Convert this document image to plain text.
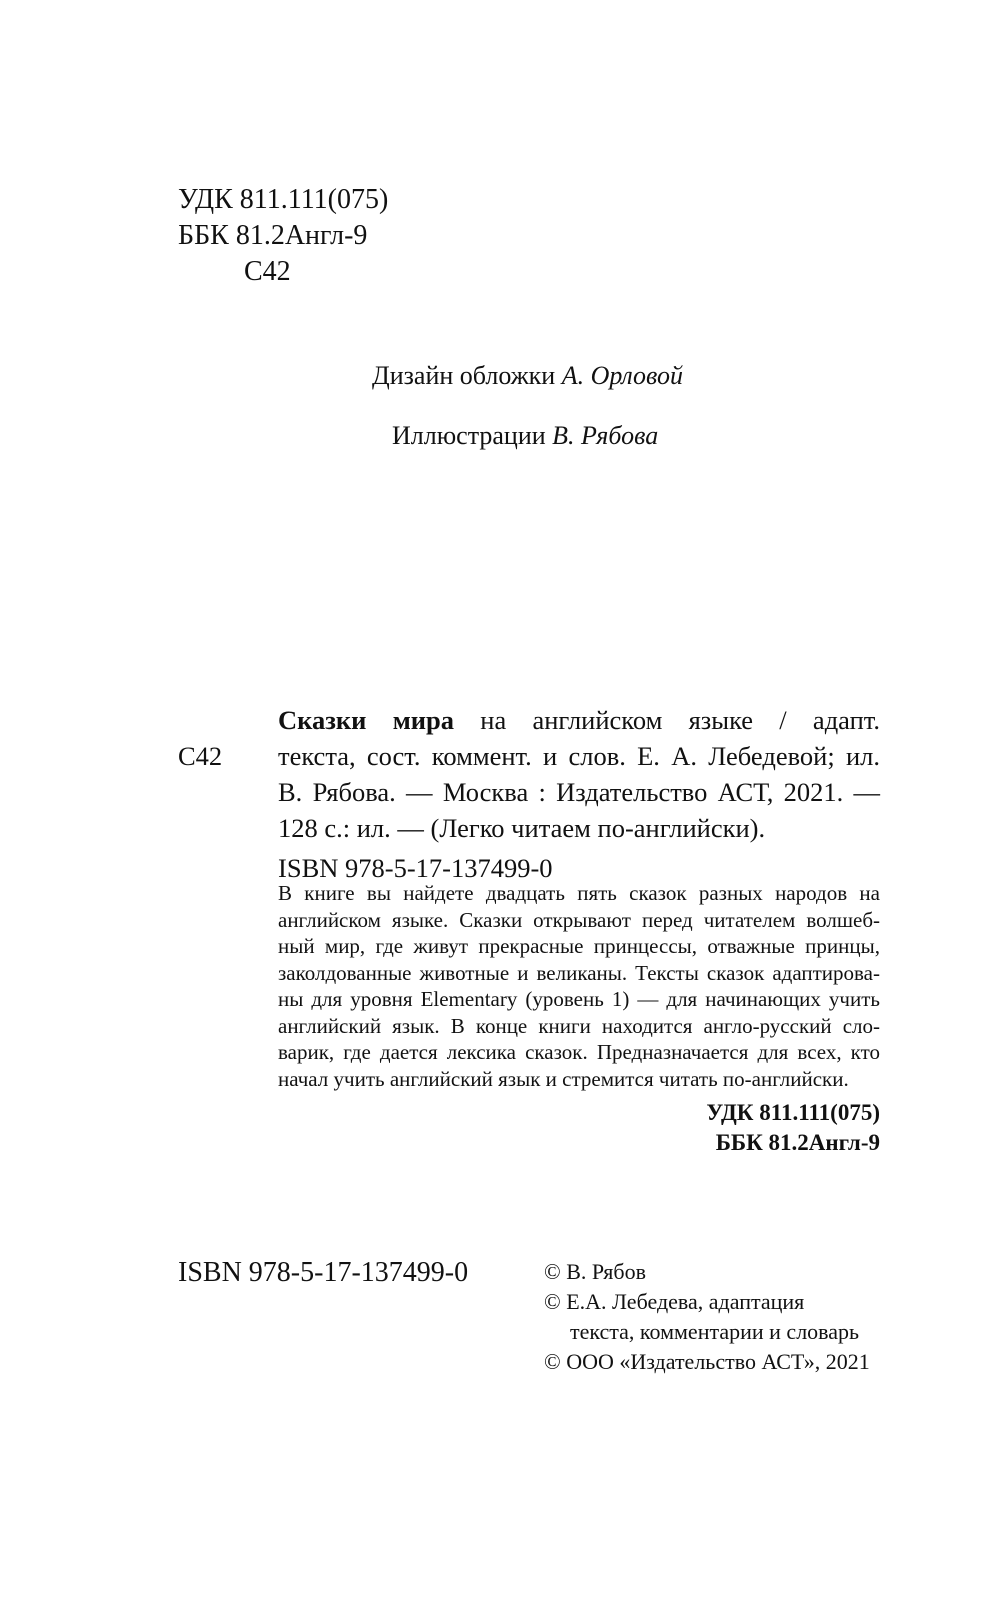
УДК 811.111(075)
ББК 81.2Англ-9
С42
Дизайн обложки А. Орловой
Иллюстрации В. Рябова
Сказки мира на английском языке / адапт.
С42 текста, сост. коммент. и слов. Е. А. Лебедевой; ил.
В. Рябова. — Москва : Издательство АСТ, 2021. —
128 с.: ил. — (Легко читаем по-английски).
ISBN 978-5-17-137499-0
В книге вы найдете двадцать пять сказок разных народов на
английском языке. Сказки открывают перед читателем волшеб-
ный мир, где живут прекрасные принцессы, отважные принцы,
заколдованные животные и великаны. Тексты сказок адаптирова-
ны для уровня Elementary (уровень 1) — для начинающих учить
английский язык. В конце книги находится англо-русский сло-
варик, где дается лексика сказок. Предназначается для всех, кто
начал учить английский язык и стремится читать по-английски.
УДК 811.111(075)
ББК 81.2Англ-9
ISBN 978-5-17-137499-0	© В. Рябов
© Е.А. Лебедева, адаптация
текста, комментарии и словарь
© ООО «Издательство АСТ», 2021
